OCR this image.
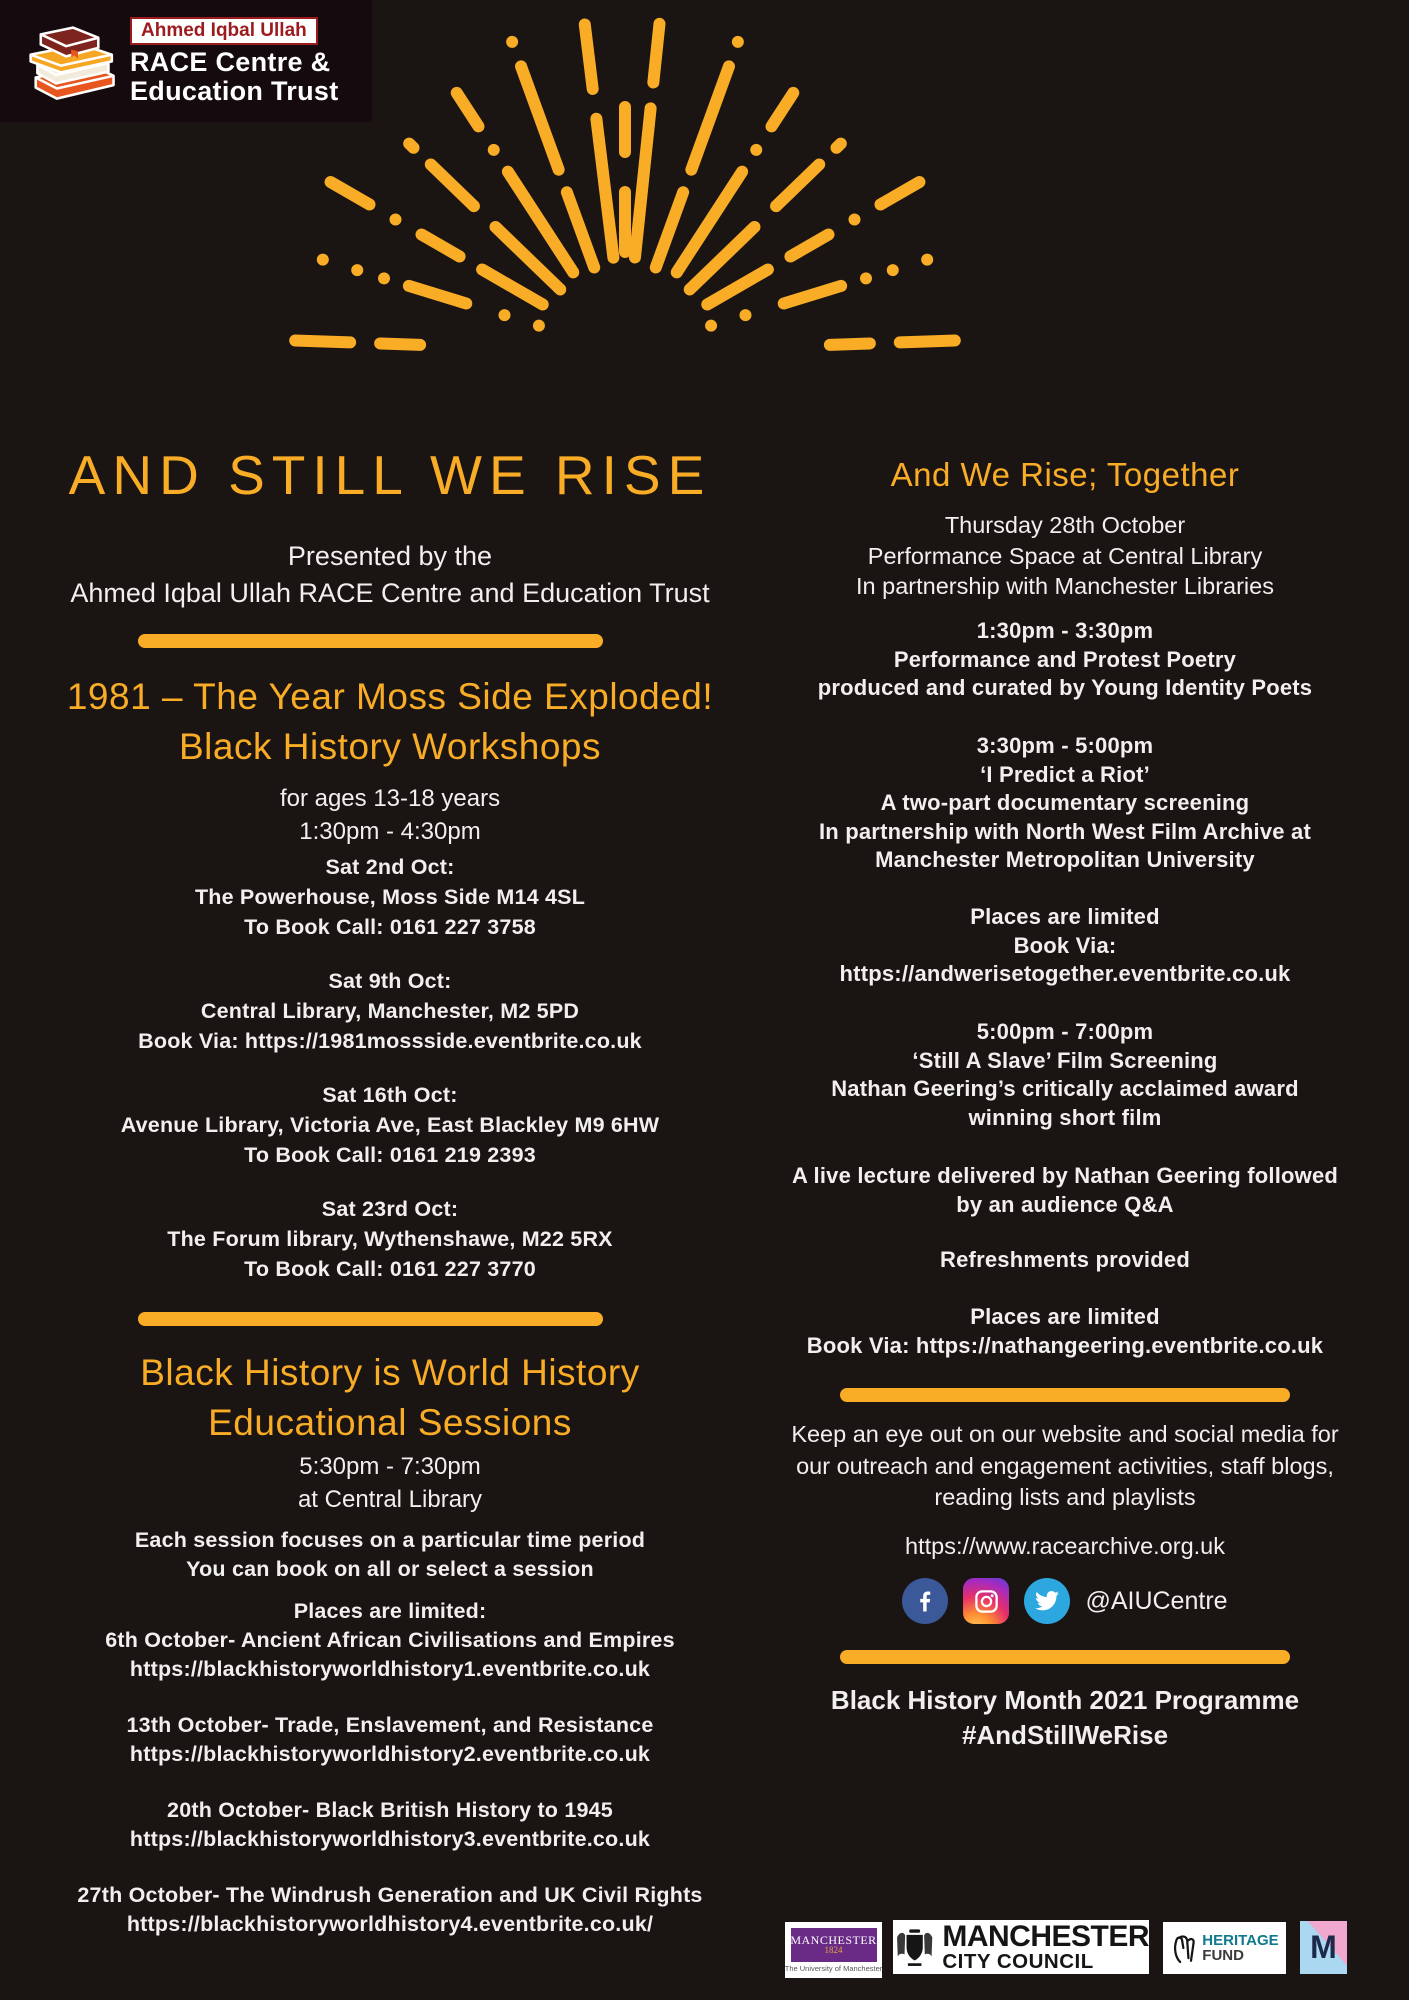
AND STILL WE RISE
Presented by the
Ahmed Iqbal Ullah RACE Centre and Education Trust
1981 – The Year Moss Side Exploded!
Black History Workshops
for ages 13-18 years
1:30pm - 4:30pm
Sat 2nd Oct:
The Powerhouse, Moss Side M14 4SL
To Book Call: 0161 227 3758
Sat 9th Oct:
Central Library, Manchester, M2 5PD
Book Via: https://1981mossside.eventbrite.co.uk
Sat 16th Oct:
Avenue Library, Victoria Ave, East Blackley M9 6HW
To Book Call: 0161 219 2393
Sat 23rd Oct:
The Forum library, Wythenshawe, M22 5RX
To Book Call: 0161 227 3770
Black History is World History
Educational Sessions
5:30pm - 7:30pm
at Central Library
Each session focuses on a particular time period
You can book on all or select a session
Places are limited:
6th October- Ancient African Civilisations and Empires
https://blackhistoryworldhistory1.eventbrite.co.uk
13th October- Trade, Enslavement, and Resistance
https://blackhistoryworldhistory2.eventbrite.co.uk
20th October- Black British History to 1945
https://blackhistoryworldhistory3.eventbrite.co.uk
27th October- The Windrush Generation and UK Civil Rights
https://blackhistoryworldhistory4.eventbrite.co.uk/
And We Rise; Together
Thursday 28th October
Performance Space at Central Library
In partnership with Manchester Libraries
1:30pm - 3:30pm
Performance and Protest Poetry
produced and curated by Young Identity Poets
3:30pm - 5:00pm
‘I Predict a Riot’
A two-part documentary screening
In partnership with North West Film Archive at
Manchester Metropolitan University
Places are limited
Book Via:
https://andwerisetogether.eventbrite.co.uk
5:00pm - 7:00pm
‘Still A Slave’ Film Screening
Nathan Geering’s critically acclaimed award
winning short film
A live lecture delivered by Nathan Geering followed
by an audience Q&A
Refreshments provided
Places are limited
Book Via: https://nathangeering.eventbrite.co.uk
Keep an eye out on our website and social media for
our outreach and engagement activities, staff blogs,
reading lists and playlists
https://www.racearchive.org.uk
@AIUCentre
Black History Month 2021 Programme
#AndStillWeRise
Ahmed Iqbal Ullah
RACE Centre &
Education Trust
MANCHESTER
1824
The University of Manchester
MANCHESTER
CITY COUNCIL
HERITAGE
FUND	M
